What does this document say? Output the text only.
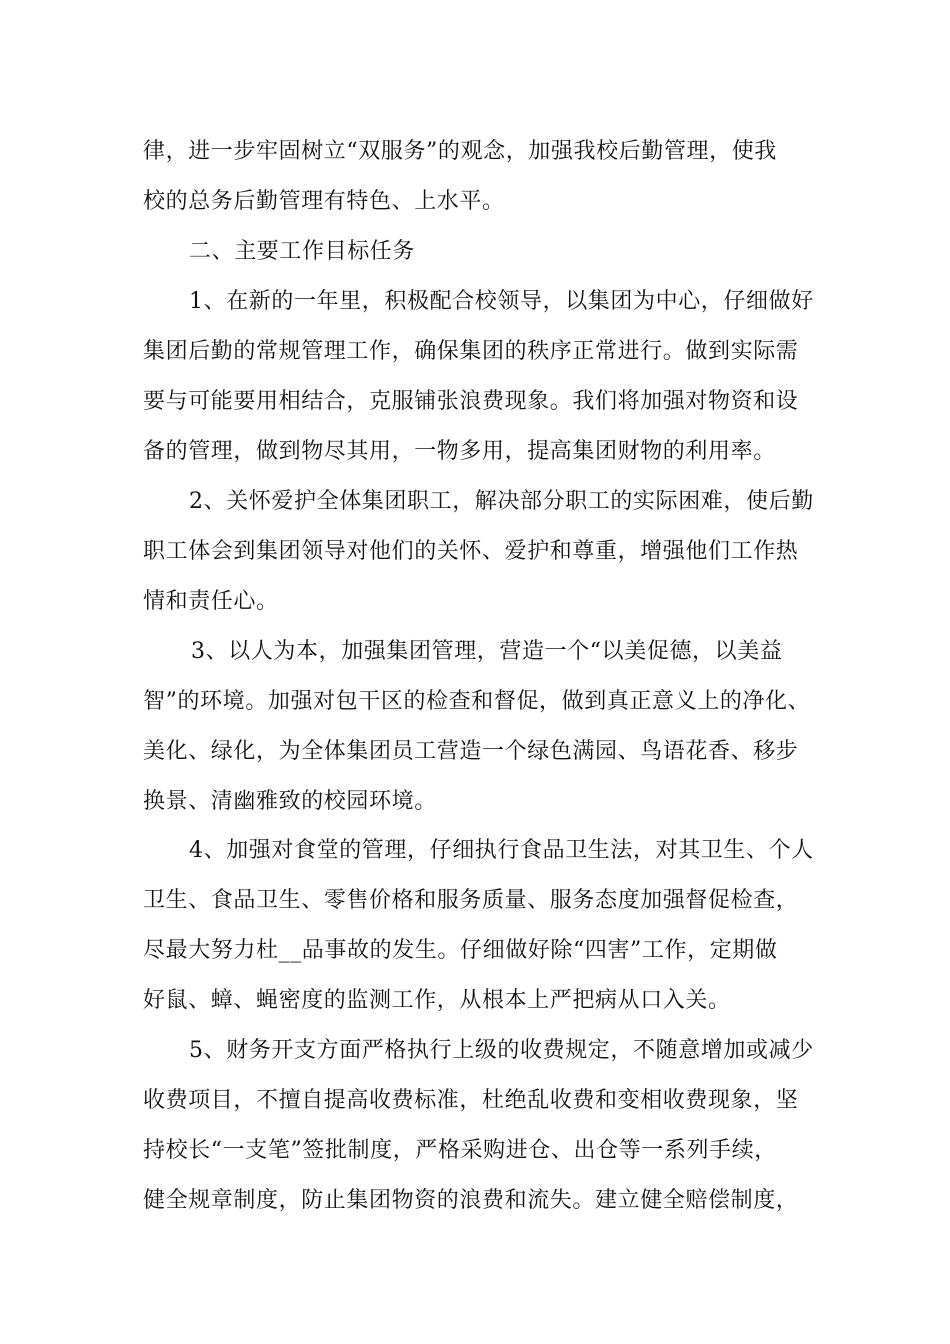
律，进一步牢固树立“双服务”的观念，加强我校后勤管理，使我
校的总务后勤管理有特色、上水平。
二、主要工作目标任务
1、在新的一年里，积极配合校领导，以集团为中心，仔细做好
集团后勤的常规管理工作，确保集团的秩序正常进行。做到实际需
要与可能要用相结合，克服铺张浪费现象。我们将加强对物资和设
备的管理，做到物尽其用，一物多用，提高集团财物的利用率。
2、关怀爱护全体集团职工，解决部分职工的实际困难，使后勤
职工体会到集团领导对他们的关怀、爱护和尊重，增强他们工作热
情和责任心。
3、以人为本，加强集团管理，营造一个“以美促德，以美益
智”的环境。加强对包干区的检查和督促，做到真正意义上的净化、
美化、绿化，为全体集团员工营造一个绿色满园、鸟语花香、移步
换景、清幽雅致的校园环境。
4、加强对食堂的管理，仔细执行食品卫生法，对其卫生、个人
卫生、食品卫生、零售价格和服务质量、服务态度加强督促检查，
尽最大努力杜__品事故的发生。仔细做好除“四害”工作，定期做
好鼠、蟑、蝇密度的监测工作，从根本上严把病从口入关。
5、财务开支方面严格执行上级的收费规定，不随意增加或减少
收费项目，不擅自提高收费标准，杜绝乱收费和变相收费现象，坚
持校长“一支笔”签批制度，严格采购进仓、出仓等一系列手续，
健全规章制度，防止集团物资的浪费和流失。建立健全赔偿制度，
